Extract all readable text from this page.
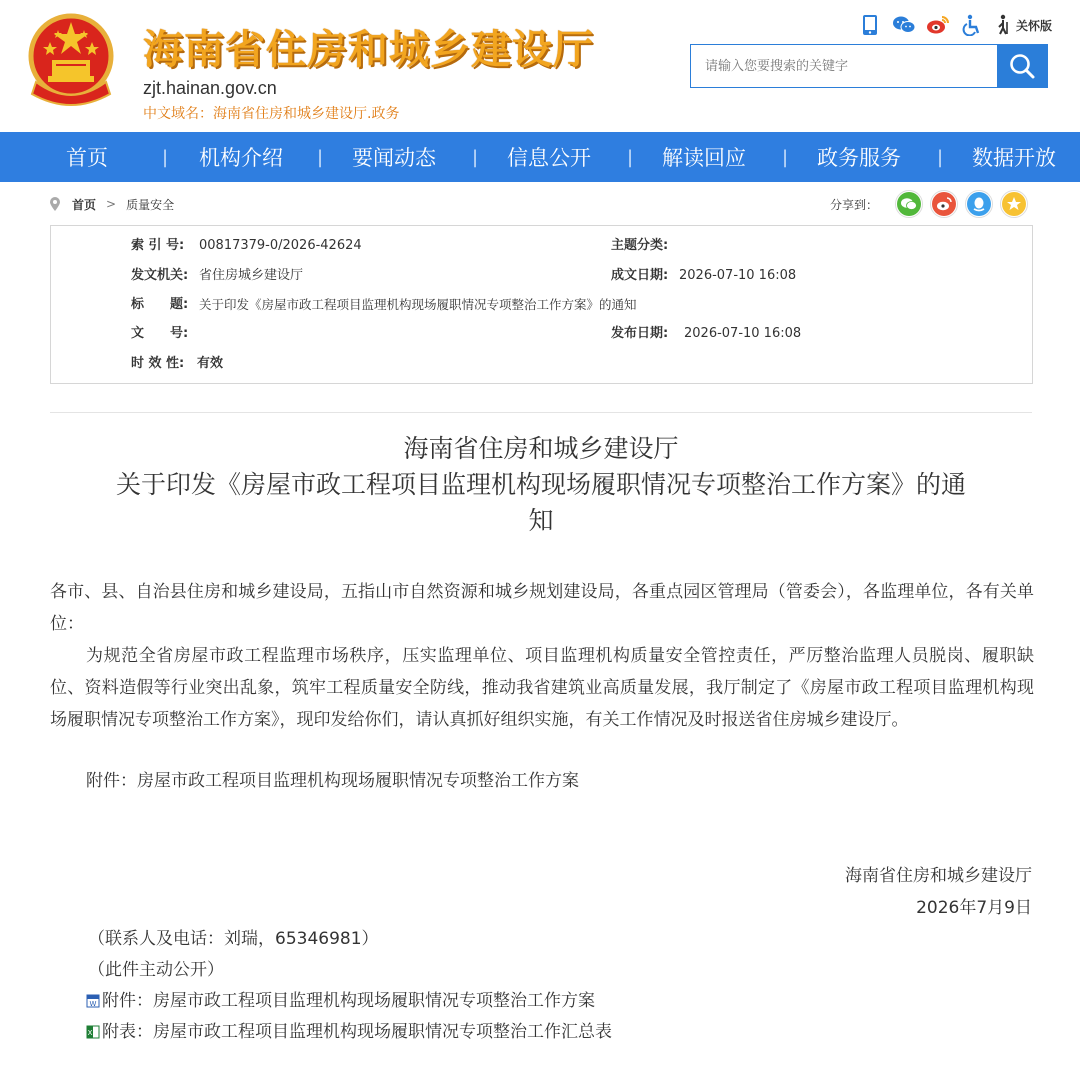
海南省住房和城乡建设厅
zjt.hainan.gov.cn
中文域名：海南省住房和城乡建设厅.政务
关怀版
请输入您要搜索的关键字
首页	|	机构介绍	|	要闻动态	|	信息公开	|	解读回应	|	政务服务	|	数据开放
首页 > 质量安全	分享到：
索 引 号: 00817379-0/2026-42624	主题分类:
发文机关: 省住房城乡建设厅	成文日期: 2026-07-10 16:08
标　　题: 关于印发《房屋市政工程项目监理机构现场履职情况专项整治工作方案》的通知
文　　号:	发布日期: 2026-07-10 16:08
时 效 性: 有效
海南省住房和城乡建设厅
关于印发《房屋市政工程项目监理机构现场履职情况专项整治工作方案》的通
知
各市、县、自治县住房和城乡建设局，五指山市自然资源和城乡规划建设局，各重点园区管理局（管委会），各监理单位，各有关单位：
为规范全省房屋市政工程监理市场秩序，压实监理单位、项目监理机构质量安全管控责任，严厉整治监理人员脱岗、履职缺位、资料造假等行业突出乱象，筑牢工程质量安全防线，推动我省建筑业高质量发展，我厅制定了《房屋市政工程项目监理机构现场履职情况专项整治工作方案》，现印发给你们，请认真抓好组织实施，有关工作情况及时报送省住房城乡建设厅。
附件：房屋市政工程项目监理机构现场履职情况专项整治工作方案
海南省住房和城乡建设厅
2026年7月9日
（联系人及电话：刘瑞，65346981）
（此件主动公开）
W 附件：房屋市政工程项目监理机构现场履职情况专项整治工作方案
X 附表：房屋市政工程项目监理机构现场履职情况专项整治工作汇总表
